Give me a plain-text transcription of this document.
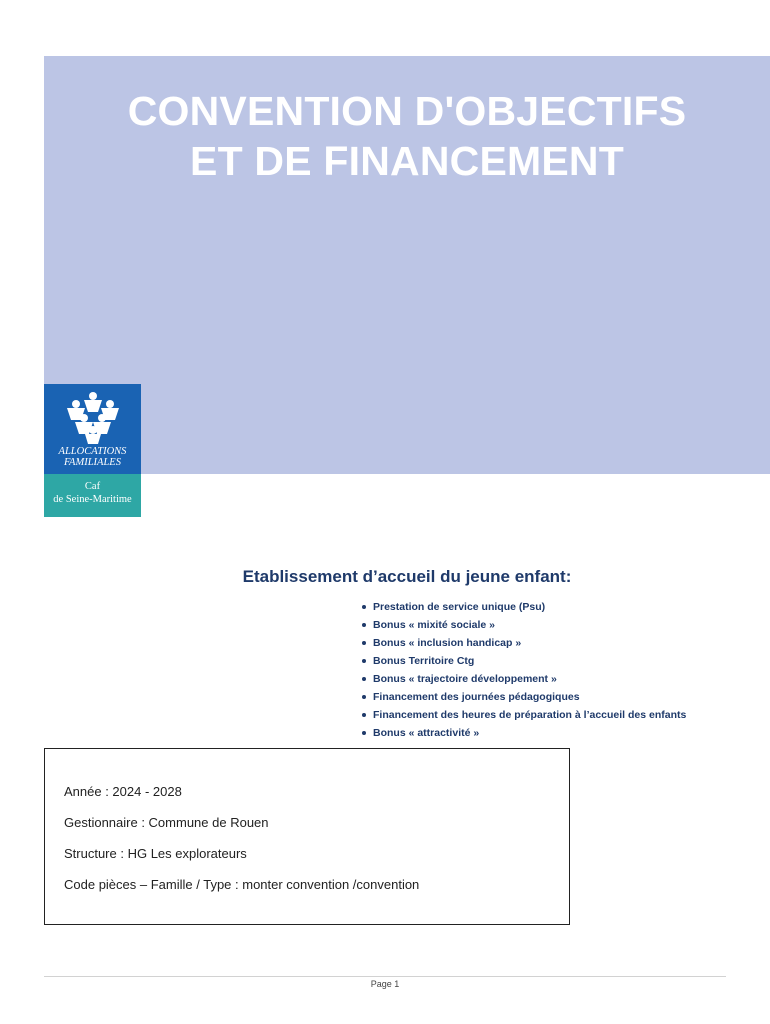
CONVENTION D'OBJECTIFS
ET DE FINANCEMENT
ALLOCATIONS
FAMILIALES
Caf
de Seine-Maritime
Etablissement d’accueil du jeune enfant:
Prestation de service unique (Psu)
Bonus « mixité sociale »
Bonus « inclusion handicap »
Bonus Territoire Ctg
Bonus « trajectoire développement »
Financement des journées pédagogiques
Financement des heures de préparation à l’accueil des enfants
Bonus « attractivité »
Année : 2024 - 2028
Gestionnaire : Commune de Rouen
Structure : HG Les explorateurs
Code pièces – Famille / Type : monter convention /convention
Page 1
